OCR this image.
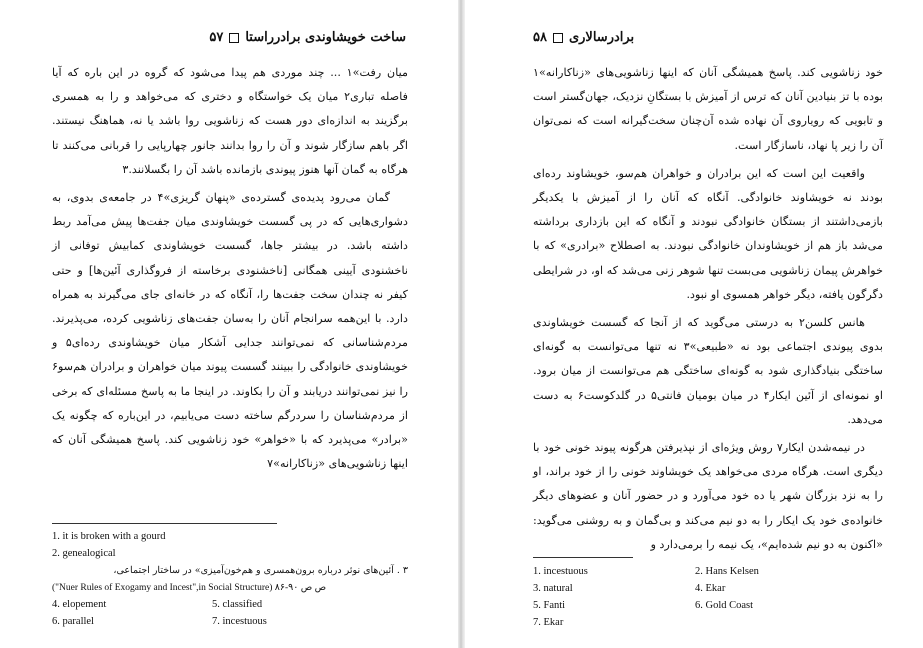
ساخت خویشاوندی برادرراستا
۵۷

میان رفت»۱ ... چند موردی هم پیدا می‌شود که گروه در این باره که آیا فاصله تباری۲ میان یک خواستگاه و دختری که می‌خواهد و را به همسری برگزیند به اندازه‌ای دور هست که زناشویی روا باشد یا نه، هماهنگ نیستند. اگر باهم سازگار شوند و آن را روا بدانند جانور چهارپایی را قربانی می‌کنند تا هرگاه به گمان آنها هنوز پیوندی بازمانده باشد آن را بگسلانند.۳

گمان می‌رود پدیده‌ی گسترده‌ی «پنهان گریزی»۴ در جامعه‌ی بدوی، به دشواری‌هایی که در پی گسست خویشاوندی میان جفت‌ها پیش می‌آمد ربط داشته باشد. در بیشتر جاها، گسست خویشاوندی کمابیش توفانی از ناخشنودی آیینی همگانی [ناخشنودی برخاسته از فروگذاری آئین‌ها] و حتی کیفر نه چندان سخت جفت‌ها را، آنگاه که در خانه‌ای جای می‌گیرند به همراه دارد. با این‌همه سرانجام آنان را به‌سان جفت‌های زناشویی کرده، می‌پذیرند. مردم‌شناسانی که نمی‌توانند جدایی آشکار میان خویشاوندی رده‌ای۵ و خویشاوندی خانوادگی را ببینند گسست پیوند میان خواهران و برادران هم‌سو۶ را نیز نمی‌توانند دریابند و آن را بکاوند. در اینجا ما به پاسخ مسئله‌ای که برخی از مردم‌شناسان را سردرگم ساخته دست می‌یابیم، در این‌باره که چگونه یک «برادر» می‌پذیرد که با «خواهر» خود زناشویی کند. پاسخ همیشگی آنان که اینها زناشویی‌های «زناکارانه»۷

1. it is broken with a gourd
2. genealogical
۳ . آئین‌های نوئر درباره برون‌همسری و هم‌خون‌آمیزی» در ساختار اجتماعی،
("Nuer Rules of Exogamy and Incest",in Social Structure) ص ص ۹۰-۸۶
4. elopement	5. classified
6. parallel	7. incestuous
۵۸ برادرسالاری

خود زناشویی کند. پاسخ همیشگی آنان که اینها زناشویی‌های «زناکارانه»۱ بوده با تز بنیادین آنان که ترس از آمیزش با بستگانِ نزدیک، جهان‌گستر است و تابویی که رویاروی آن نهاده شده آن‌چنان سخت‌گیرانه است که نمی‌توان آن را زیر پا نهاد، ناسازگار است.

واقعیت این است که این برادران و خواهران هم‌سو، خویشاوند رده‌ای بودند نه خویشاوند خانوادگی. آنگاه که آنان را از آمیزش با یکدیگر بازمی‌داشتند از بستگان خانوادگی نبودند و آنگاه که این بازداری برداشته می‌شد باز هم از خویشاوندان خانوادگی نبودند. به اصطلاح «برادری» که با خواهرش پیمان زناشویی می‌بست تنها شوهر زنی می‌شد که او، در شرایطی دگرگون یافته، دیگر خواهر همسوی او نبود.

هانس کلسن۲ به درستی می‌گوید که از آنجا که گسست خویشاوندی بدوی پیوندی اجتماعی بود نه «طبیعی»۳ نه تنها می‌توانست به گونه‌ای ساختگی بنیادگذاری شود به گونه‌ای ساختگی هم می‌توانست از میان برود. او نمونه‌ای از آئین ایکار۴ در میان بومیان فانتی۵ در گلدکوست۶ به دست می‌دهد.

در نیمه‌شدن ایکار۷ روش ویژه‌ای از نپذیرفتن هرگونه پیوند خونی خود با دیگری است. هرگاه مردی می‌خواهد یک خویشاوند خونی را از خود براند، او را به نزد بزرگان شهر یا ده خود می‌آورد و در حضور آنان و عضوهای دیگر خانواده‌ی خود یک ایکار را به دو نیم می‌کند و بی‌گمان و به روشنی می‌گوید: «اکنون به دو نیم شده‌ایم»، یک نیمه را برمی‌دارد و

1. incestuous
3. natural
5. Fanti
7. Ekar
2. Hans Kelsen
4. Ekar
6. Gold Coast
